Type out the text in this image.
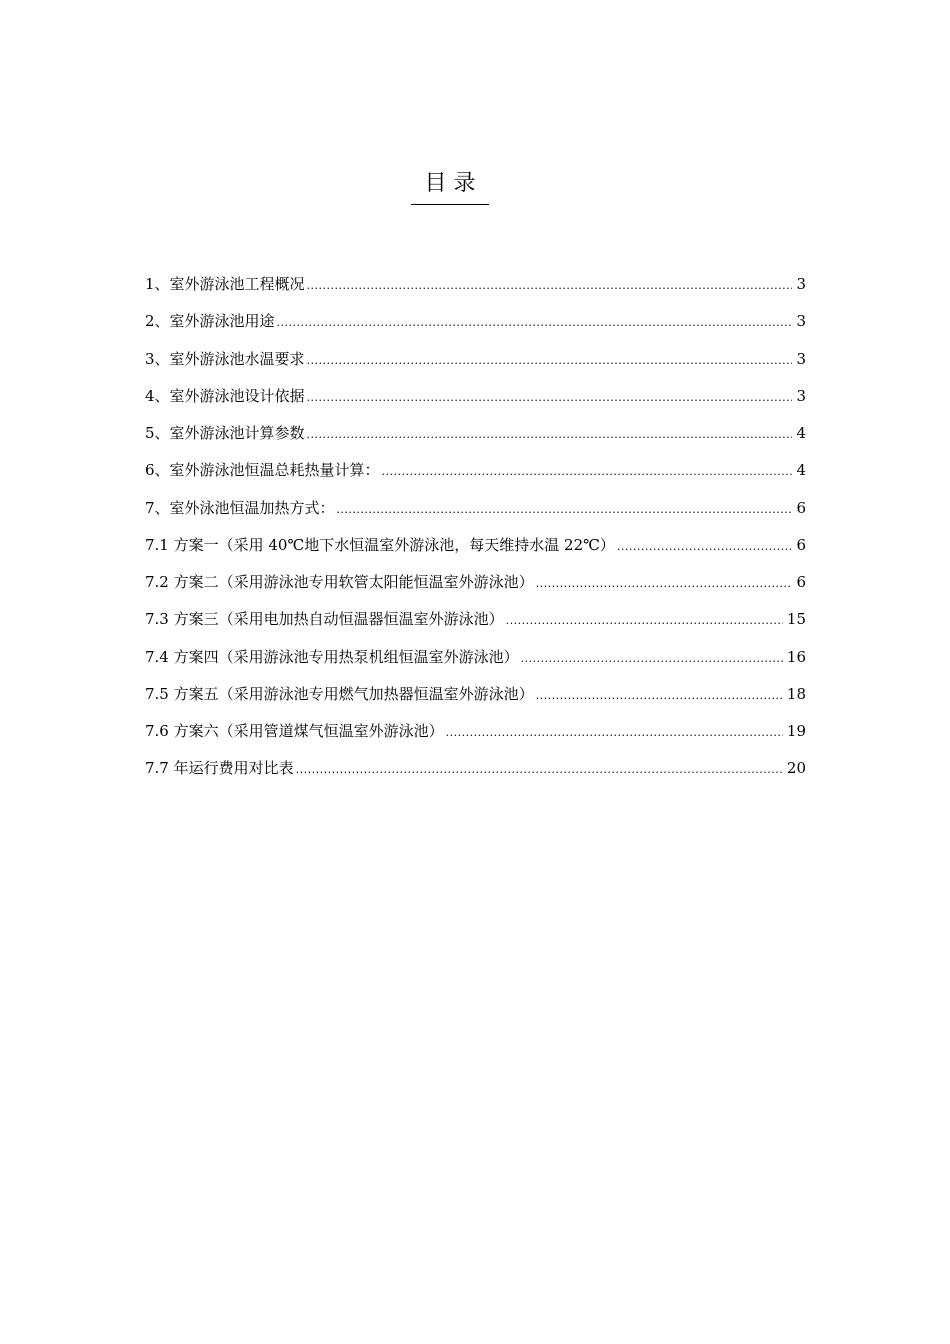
目 录
1、室外游泳池工程概况 .....	3
2、室外游泳池用途 .....	3
3、室外游泳池水温要求 .....	3
4、室外游泳池设计依据 .....	3
5、室外游泳池计算参数 .....	4
6、室外游泳池恒温总耗热量计算： .....	4
7、室外泳池恒温加热方式： .....	6
7.1 方案一（采用 40℃地下水恒温室外游泳池，每天维持水温 22℃） .....	6
7.2 方案二（采用游泳池专用软管太阳能恒温室外游泳池） .....	6
7.3 方案三（采用电加热自动恒温器恒温室外游泳池） .....	15
7.4 方案四（采用游泳池专用热泵机组恒温室外游泳池） .....	16
7.5 方案五（采用游泳池专用燃气加热器恒温室外游泳池） .....	18
7.6 方案六（采用管道煤气恒温室外游泳池） .....	19
7.7 年运行费用对比表 .....	20
